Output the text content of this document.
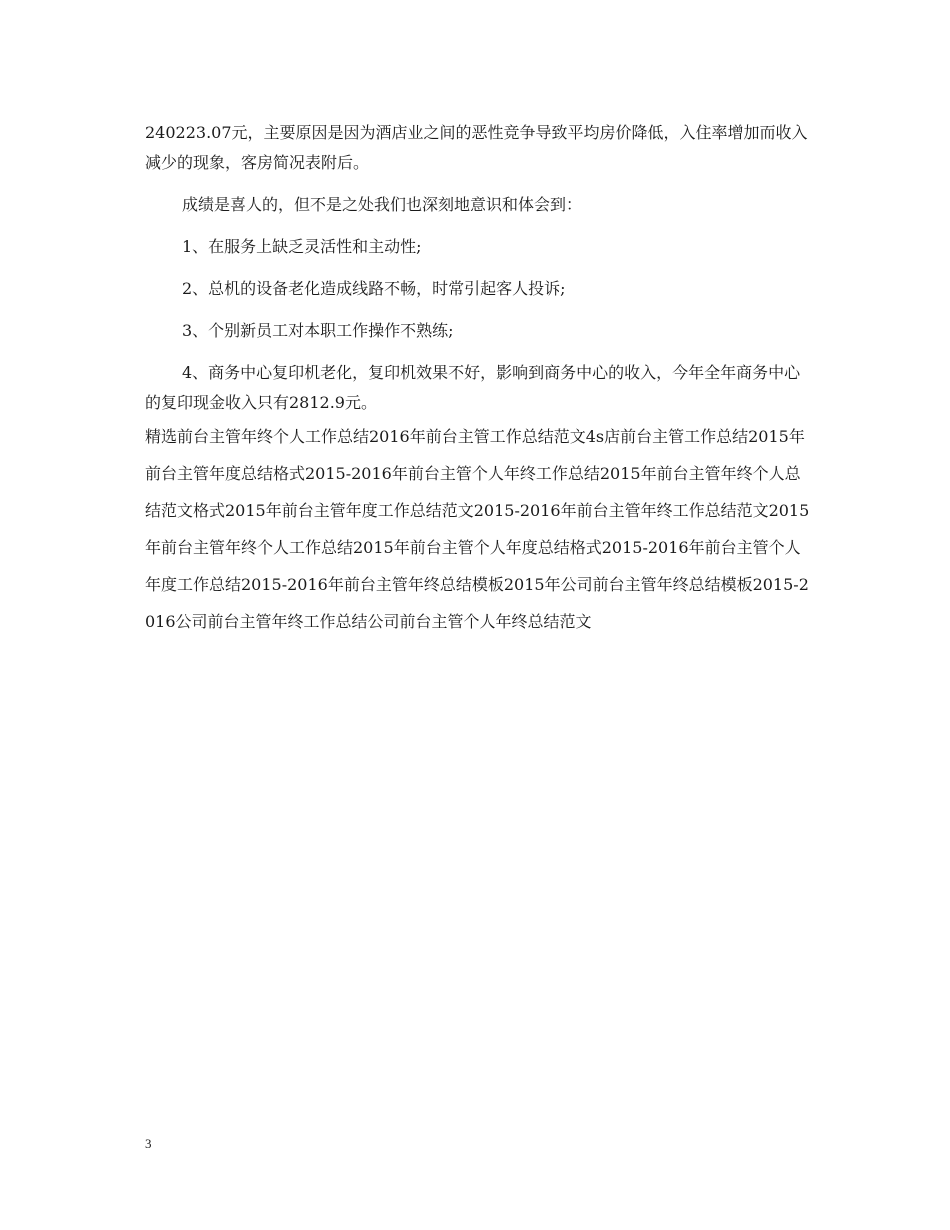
240223.07元，主要原因是因为酒店业之间的恶性竞争导致平均房价降低，入住率增加而收入减少的现象，客房简况表附后。

成绩是喜人的，但不是之处我们也深刻地意识和体会到：

1、在服务上缺乏灵活性和主动性;

2、总机的设备老化造成线路不畅，时常引起客人投诉;

3、个别新员工对本职工作操作不熟练;

4、商务中心复印机老化，复印机效果不好，影响到商务中心的收入，今年全年商务中心的复印现金收入只有2812.9元。

精选前台主管年终个人工作总结2016年前台主管工作总结范文4s店前台主管工作总结2015年前台主管年度总结格式2015-2016年前台主管个人年终工作总结2015年前台主管年终个人总结范文格式2015年前台主管年度工作总结范文2015-2016年前台主管年终工作总结范文2015年前台主管年终个人工作总结2015年前台主管个人年度总结格式2015-2016年前台主管个人年度工作总结2015-2016年前台主管年终总结模板2015年公司前台主管年终总结模板2015-2016公司前台主管年终工作总结公司前台主管个人年终总结范文

3
